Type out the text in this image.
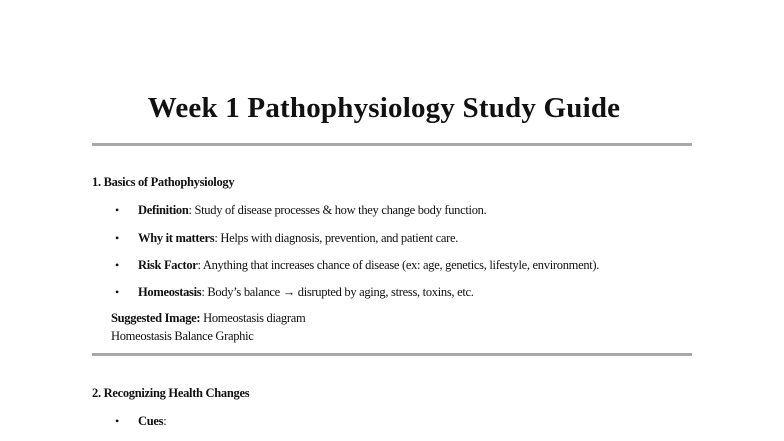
Week 1 Pathophysiology Study Guide
1. Basics of Pathophysiology
• Definition: Study of disease processes & how they change body function.
• Why it matters: Helps with diagnosis, prevention, and patient care.
• Risk Factor: Anything that increases chance of disease (ex: age, genetics, lifestyle, environment).
• Homeostasis: Body’s balance → disrupted by aging, stress, toxins, etc.
Suggested Image: Homeostasis diagram
Homeostasis Balance Graphic
2. Recognizing Health Changes
• Cues:
